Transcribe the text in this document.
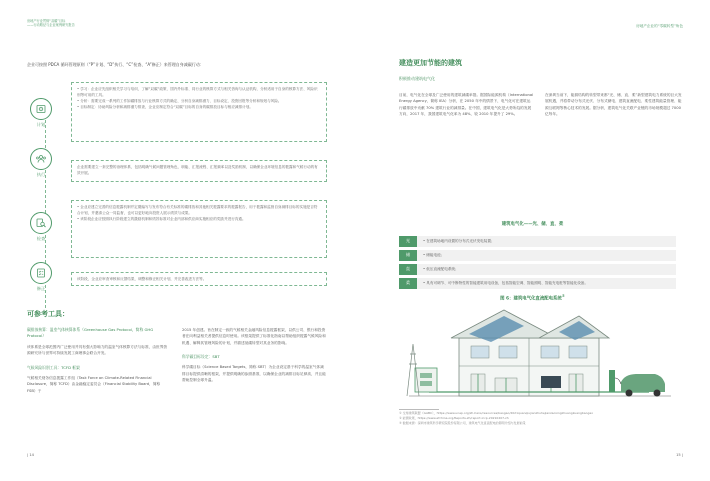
房地产行业贯彻“双碳”目标
——行动路径与企业案例研究报告
企业可按照 PDCA 循环管理原则（“P”计划、“D”执行、“C”检查、“A”修正）来管理自身减碳行动：
计划
• 学习：企业应先组织相关学习与培训，了解“双碳”政策、国内外标准、同行业的核算方式与相关咨询与认证机构，分析适用于自身的核算方法、风险识别等可用的工具。
• 分析：需要完成一系列的工作如碳排放与行业核算方式的确定、分析自身减排潜力、目标设定、投资回报等分析和规划与风险。
• 目标制定：协助风险分析和减排潜力排查，企业应制定符合“双碳”目标的自身的碳排放目标与相应减排计划。
执行
企业需要建立一套完整的治理体系，包括明确气候问题管理角色、职能、汇报流程、汇报频率以及奖励机制，以确保企业环境信息的披露和气候行动的有效开展。
检查
• 企业应建立完善的信息披露机制并定期编写与发布符合有关标准的碳排放和其他相关披露要求的披露报告，用于披露和监督自身减排目标的实施是否符合计划，并邀请公众一同监督，也可以更好地向投资人展示绩效与成果。
• 该阶段企业应按照执行阶段建立的激励机制和绩效标准对企业内部和供应商实施相应的奖励并进行沟通。
修正
该阶段，企业应审查审核和反馈结果，调整和修正相关计划，并完善改进方法等。
可参考工具：
碳排放核算：温室气体核算体系（Greenhouse Gas Protocol，简称 GHG Protocol）
该体系是全球范围内广泛使用并具有强大影响力的温室气体核算方法与标准，由世界资源研究所与世界可持续发展工商理事会联合开发。
气候风险识别工具：TCFD 框架
气候相关财务信息披露工作组（Task Force on Climate-Related Financial Disclosure，简称 TCFD）由金融稳定委员会（Financial Stability Board，简称 FSB）于
2015 年创建。旨在制定一致的气候相关金融风险信息披露框架，以供公司、银行和投资者在向利益相关者提供信息时使用。该框架提供了标准化指南以帮助组织披露气候风险和机遇、解释其管理风险的计划，并描述低碳转型对其业务的影响。
科学碳目标设定：SBT
科学碳目标（Science Based Targets，简称 SBT）为企业设定基于科学的温室气体减排目标提供清晰的框架，并提供明确的参照基准，以确保企业的减排目标足够高，并且能帮助控制全球升温。
| 14
房地产企业的“零碳转型”角色
建造更加节能的建筑
积极推动建筑电气化
目前，电气化在全球及广泛使用的建筑减碳举措。据国际能源机构（International Energy Agency，简称 IEA）分析，在 2050 年中的情景下，电气化可在建筑运行碳排放中贡献 70% 建筑行业的减排量。在中国，建筑电气化是大势所趋的发展方向，2017 年，我国建筑电气化率为 48%，较 2010 年提升了 29%。
在深圳当前下，能源结构的转型带来都“光、储、直、柔”新型建筑电力系统的巨大发展机遇，并将带动分布式光伏、分布式储电、建筑直流配电、柔性建筑能量管理、能源互联网等核心技术的发展。据分析，建筑电气化关联产业链的市场规模超过 7000 亿每年。
建筑电气化——光、储、直、柔
光	• 在建筑场地内设置的分布式光伏发电装置；
储	• 储能电池；
直	• 低压直流配电系统；
柔	• 具有可调节、可中断特性的智能建筑用电设备，包括智能空调、智能照明、智能充电桩等智能化设备。
图 6：建筑电气化直流配电系统②
① 全球建筑联盟（GABC），https://www.unep.org/zh-hans/resources/baogao/2021quanqiujianzhuhejianzaoxingzhuangkuangbaogao
② 能源政策，https://www.efchina.org/Reports-zh/report-lccp-20210207-zh
③ 数据来源：深圳市建筑科学研究院股份有限公司，建筑电气化直流配电的简明介绍与发展前景
15 |
